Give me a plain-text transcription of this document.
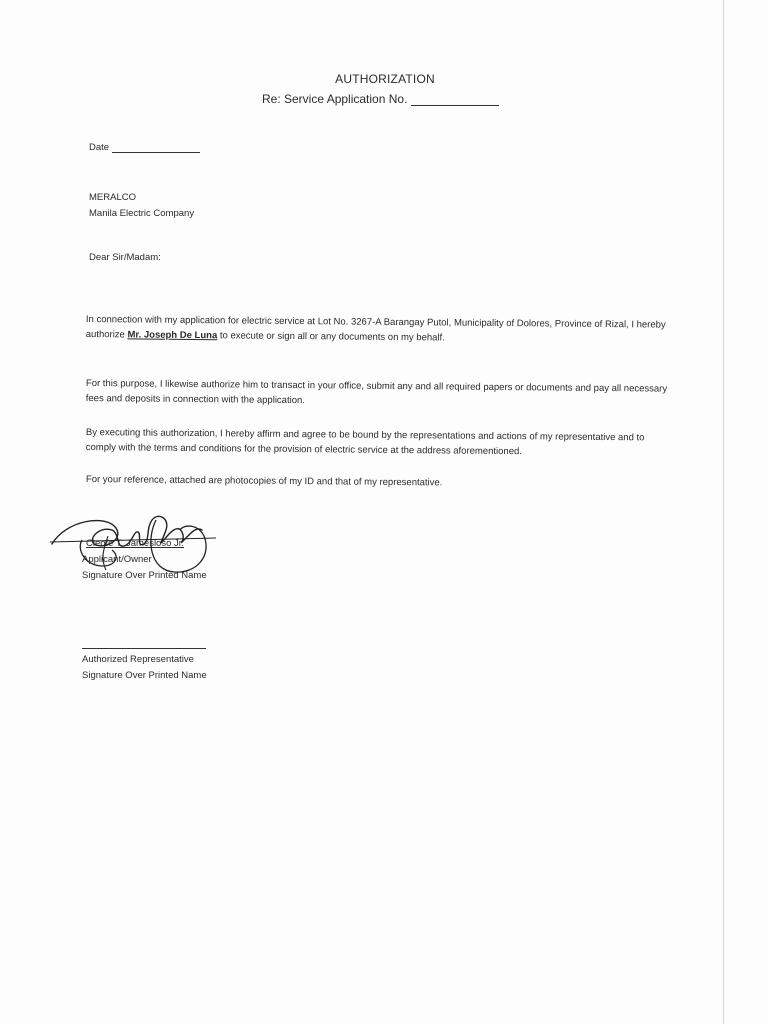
AUTHORIZATION
Re: Service Application No.
Date
MERALCO
Manila Electric Company
Dear Sir/Madam:
In connection with my application for electric service at Lot No. 3267-A Barangay Putol, Municipality of Dolores, Province of Rizal, I hereby authorize Mr. Joseph De Luna to execute or sign all or any documents on my behalf.
For this purpose, I likewise authorize him to transact in your office, submit any and all required papers or documents and pay all necessary fees and deposits in connection with the application.
By executing this authorization, I hereby affirm and agree to be bound by the representations and actions of my representative and to comply with the terms and conditions for the provision of electric service at the address aforementioned.
For your reference, attached are photocopies of my ID and that of my representative.
Cleofe T. Jamesloso Jr.
Applicant/Owner
Signature Over Printed Name
Authorized Representative
Signature Over Printed Name
